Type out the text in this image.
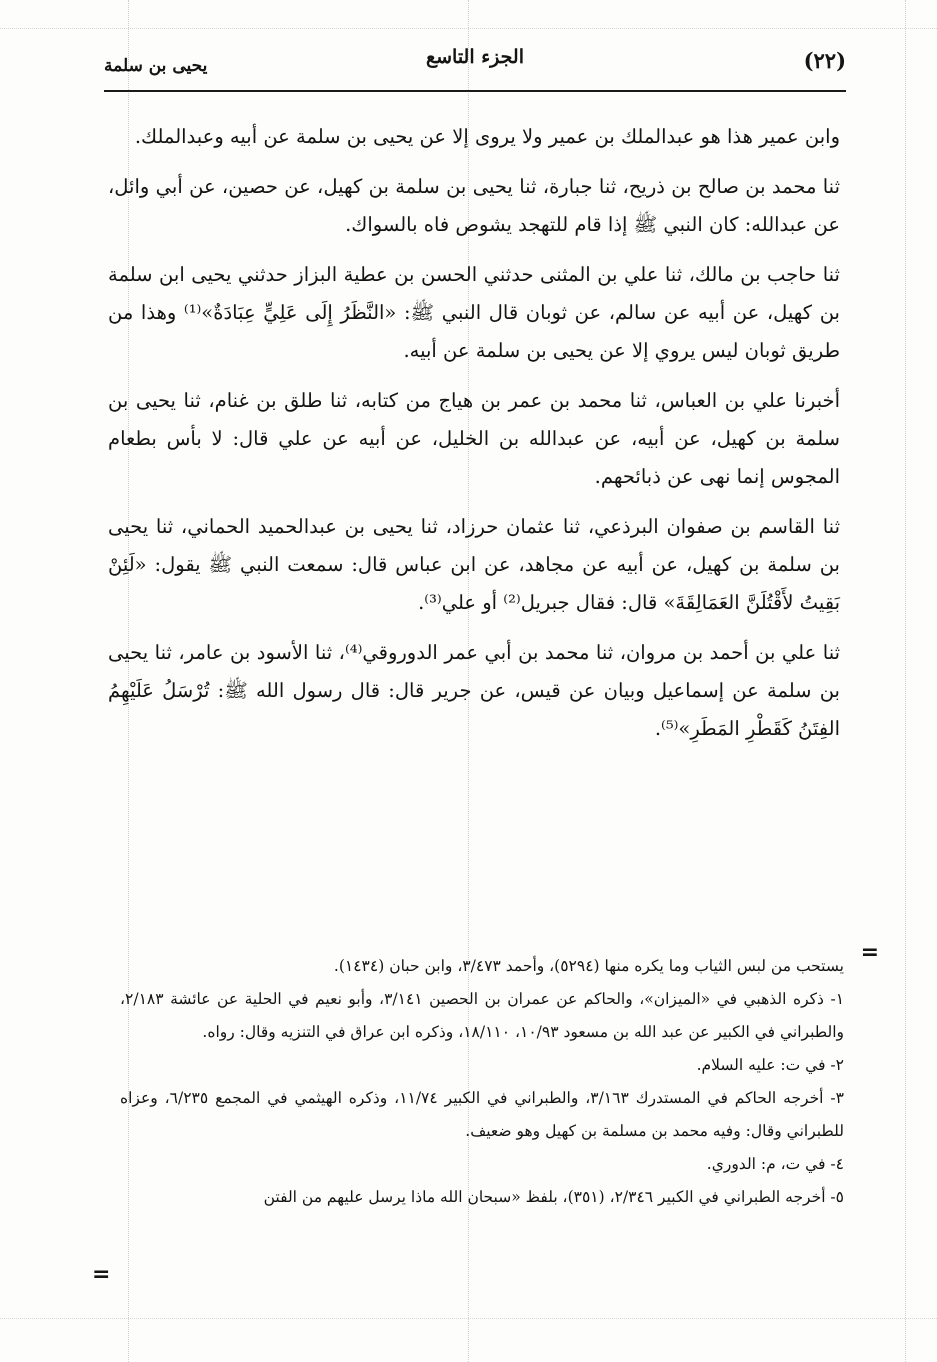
(٢٢)
الجزء التاسع
يحيى بن سلمة

وابن عمير هذا هو عبدالملك بن عمير ولا يروى إلا عن يحيى بن سلمة عن أبيه وعبدالملك.

ثنا محمد بن صالح بن ذريح، ثنا جبارة، ثنا يحيى بن سلمة بن كهيل، عن حصين، عن أبي وائل، عن عبدالله: كان النبي ﷺ إذا قام للتهجد يشوص فاه بالسواك.

ثنا حاجب بن مالك، ثنا علي بن المثنى حدثني الحسن بن عطية البزاز حدثني يحيى ابن سلمة بن كهيل، عن أبيه عن سالم، عن ثوبان قال النبي ﷺ: «النَّظَرُ إِلَى عَلِيٍّ عِبَادَةٌ»⁽¹⁾ وهذا من طريق ثوبان ليس يروي إلا عن يحيى بن سلمة عن أبيه.

أخبرنا علي بن العباس، ثنا محمد بن عمر بن هياج من كتابه، ثنا طلق بن غنام، ثنا يحيى بن سلمة بن كهيل، عن أبيه، عن عبدالله بن الخليل، عن أبيه عن علي قال: لا بأس بطعام المجوس إنما نهى عن ذبائحهم.

ثنا القاسم بن صفوان البرذعي، ثنا عثمان حرزاد، ثنا يحيى بن عبدالحميد الحماني، ثنا يحيى بن سلمة بن كهيل، عن أبيه عن مجاهد، عن ابن عباس قال: سمعت النبي ﷺ يقول: «لَئِنْ بَقِيتُ لأَقْتُلَنَّ العَمَالِقَةَ» قال: فقال جبريل⁽²⁾ أو علي⁽³⁾.

ثنا علي بن أحمد بن مروان، ثنا محمد بن أبي عمر الدوروقي⁽⁴⁾، ثنا الأسود بن عامر، ثنا يحيى بن سلمة عن إسماعيل وبيان عن قيس، عن جرير قال: قال رسول الله ﷺ: تُرْسَلُ عَلَيْهِمُ الفِتَنُ كَقَطْرِ المَطَرِ»⁽⁵⁾.

=

يستحب من لبس الثياب وما يكره منها (٥٢٩٤)، وأحمد ٣/٤٧٣، وابن حبان (١٤٣٤).

١- ذكره الذهبي في «الميزان»، والحاكم عن عمران بن الحصين ٣/١٤١، وأبو نعيم في الحلية عن عائشة ٢/١٨٣، والطبراني في الكبير عن عبد الله بن مسعود ١٠/٩٣، ١٨/١١٠، وذكره ابن عراق في التنزيه وقال: رواه.

٢- في ت: عليه السلام.

٣- أخرجه الحاكم في المستدرك ٣/١٦٣، والطبراني في الكبير ١١/٧٤، وذكره الهيثمي في المجمع ٦/٢٣٥، وعزاه للطبراني وقال: وفيه محمد بن مسلمة بن كهيل وهو ضعيف.

٤- في ت، م: الدوري.

٥- أخرجه الطبراني في الكبير ٢/٣٤٦، (٣٥١)، بلفظ «سبحان الله ماذا يرسل عليهم من الفتن

=
